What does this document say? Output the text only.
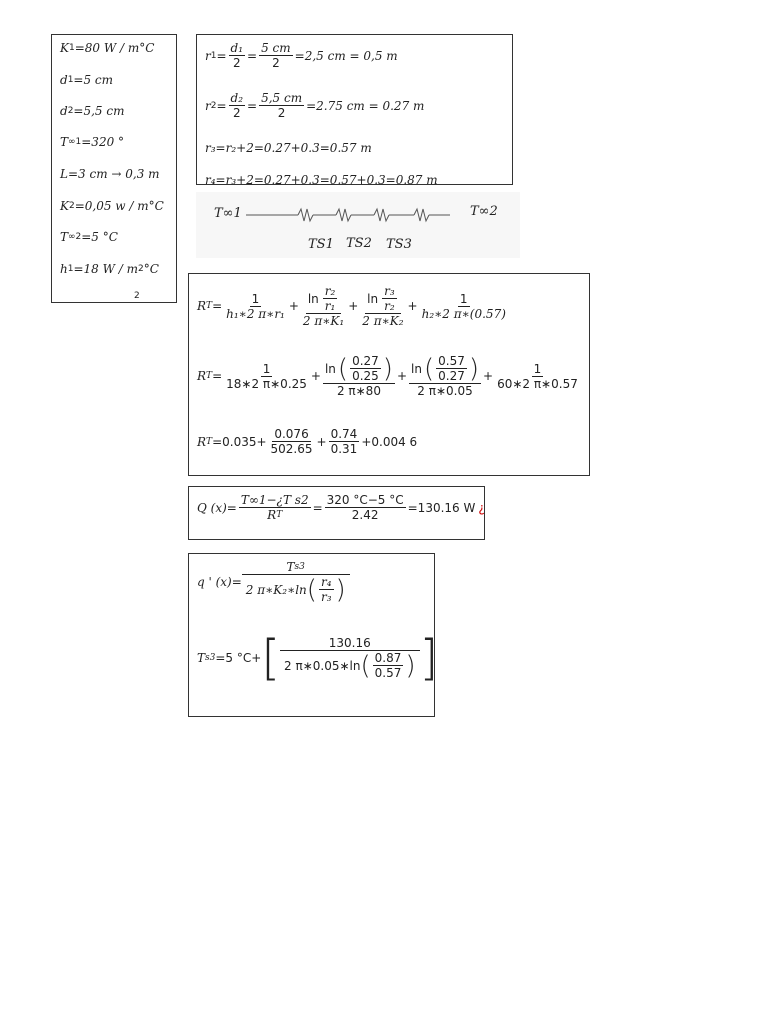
K 1 =80 W / m°C
d 1 =5 cm
d 2 =5,5 cm
T ∞1 =320 °
L =3 cm → 0,3 m
K 2 =0,05 w / m°C
T ∞2 =5 °C
h 1 =18 W / m 2 °C
2
r $1 = \frac{\text{d₁}}{2} = \frac{5 cm}{2} =2,5$ cm = 0,5 m
r $2 = \frac{\text{d₂}}{2} = \frac{5,5 cm}{2} =2.75$ cm = 0.27 m
r₃=r₂+2=0.27+0.3=0.57 m
r₄=r₃+2=0.27+0.3=0.57+0.3=0.87 m
T∞1	T∞2
TS1 TS2 TS3
R $T = \frac{1}{\text{h₁∗2 π∗r₁}} + \frac{\ln \frac{\text{r₂}}{\text{r₁}}}{\text{2 π∗K₁}} + \frac{\ln \frac{\text{r₃}}{\text{r₂}}}{\text{2 π∗K₂}} + \frac{1}{\text{h₂∗2 π∗(0.57)}}$
R $T = \frac{1}{18∗2 \pi∗0.25} + \frac{\ln ( \frac{0.27}{0.25} )}{2 \pi∗80} + \frac{\ln ( \frac{0.57}{0.27} )}{2 \pi∗0.05} + \frac{1}{60∗2 \pi∗0.57}$
R $T =0.035+ \frac{0.076}{502.65} + \frac{0.74}{0.31} +0.004$ 6
Q $(x)= \frac{\text{T∞1−¿T s2}}{\text{R T}} = \frac{320 ^\circ C-5 ^\circ C}{2.42} =130.16$ W ¿
q ' $(x)= \frac{\text{T s3}}{2 \pi∗K_2∗\ln ( \frac{\text{r₄}}{\text{r₃}} )}$
T s3 =5 °C+ [ $\frac{130.16}{2 \pi∗0.05∗\ln ( \frac{0.87}{0.57} )}$ ]
